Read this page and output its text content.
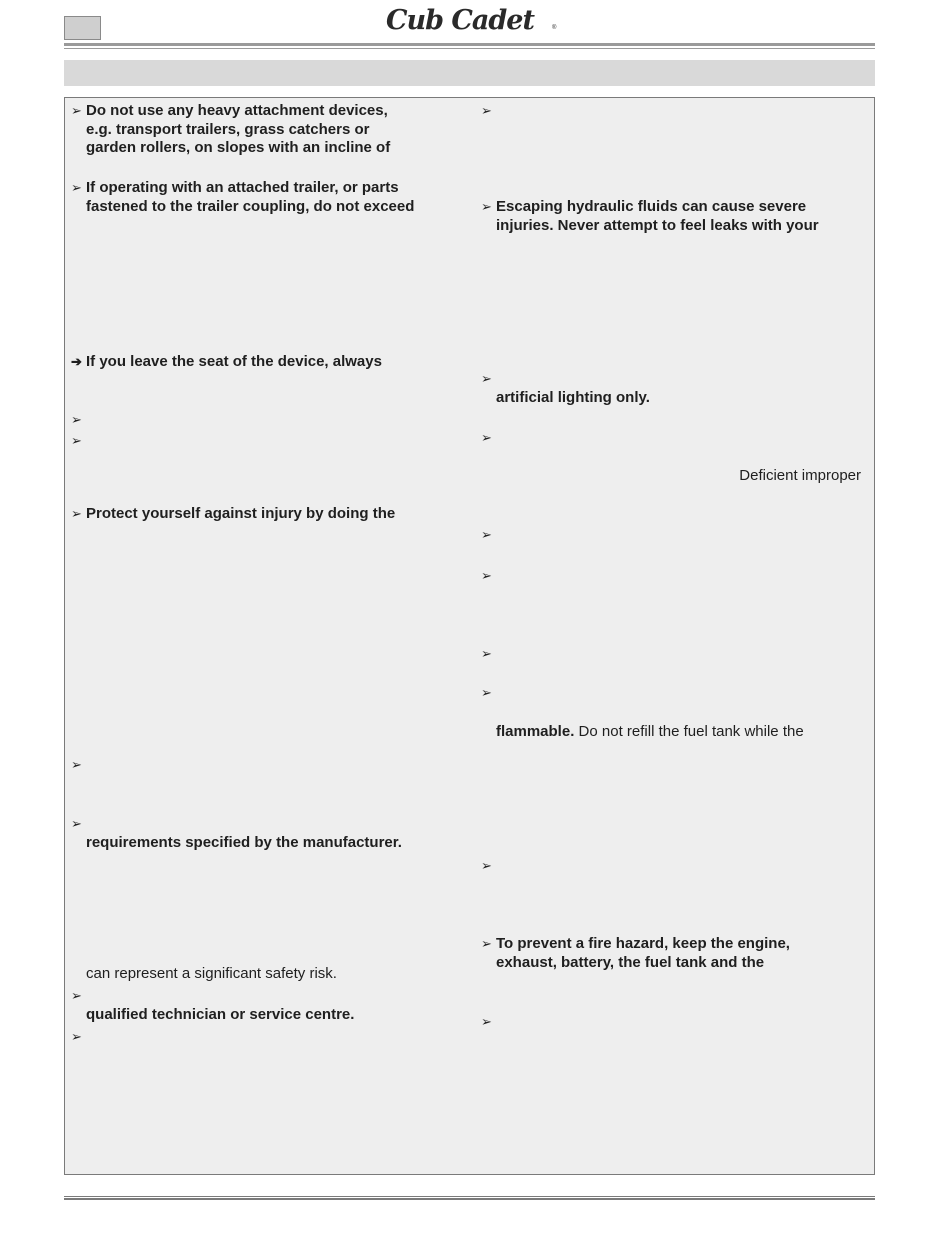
Cub Cadet	®
➢ Do not use any heavy attachment devices,
e.g. transport trailers, grass catchers or
garden rollers, on slopes with an incline of
➢ If operating with an attached trailer, or parts
fastened to the trailer coupling, do not exceed
➔ If you leave the seat of the device, always
➢
➢
➢ Protect yourself against injury by doing the
➢
➢
requirements specified by the manufacturer.
can represent a significant safety risk.
➢
qualified technician or service centre.
➢
➢
➢ Escaping hydraulic fluids can cause severe
injuries. Never attempt to feel leaks with your
➢
artificial lighting only.
➢
Deficient improper
➢
➢
➢
➢
flammable. Do not refill the fuel tank while the
➢
➢ To prevent a fire hazard, keep the engine,
exhaust, battery, the fuel tank and the
➢
